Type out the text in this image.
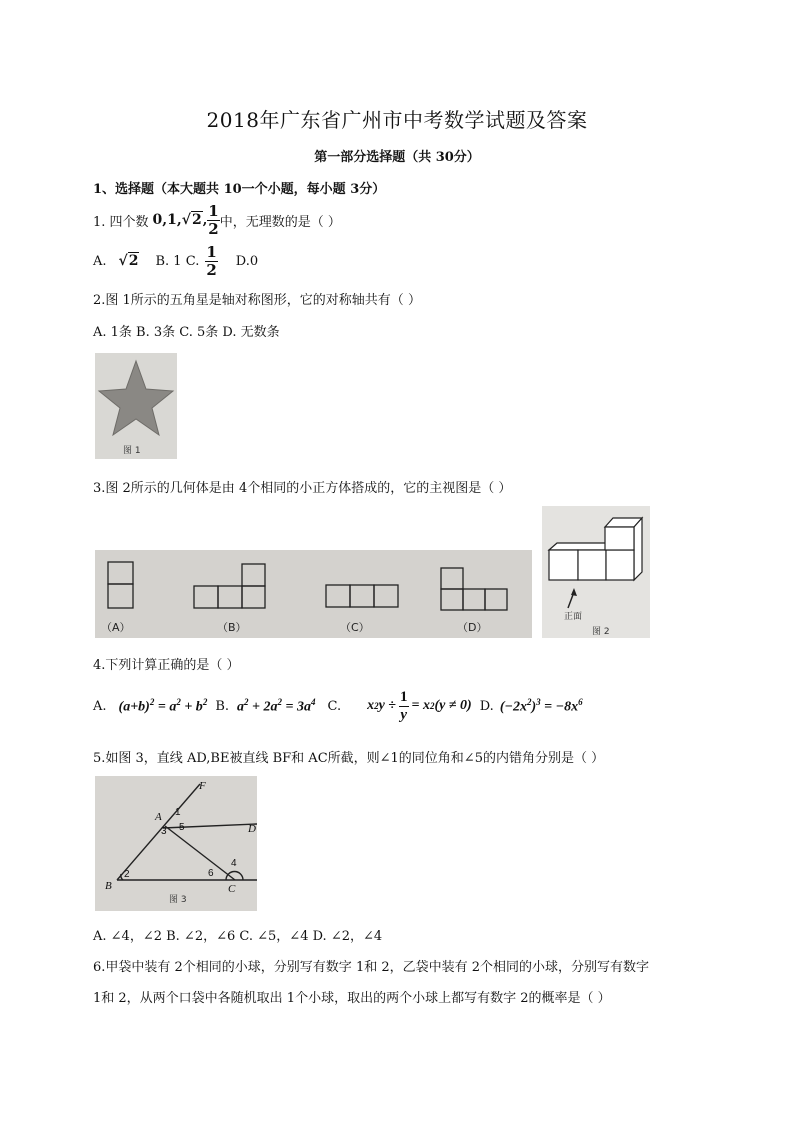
2018年广东省广州市中考数学试题及答案
第一部分选择题（共 30分）
1、选择题（本大题共 10一个小题，每小题 3分）
1. 四个数 0,1, √2 , $\frac{1}{2}$ 中，无理数的是（ ）
A. √2 B. 1 C. $\frac{1}{2} D.0$
2.图 1所示的五角星是轴对称图形，它的对称轴共有（ ）
A. 1条 B. 3条 C. 5条 D. 无数条
图 1
3.图 2所示的几何体是由 4个相同的小正方体搭成的，它的主视图是（ ）
（A）	（B）	（C）	（D）
正面
图 2
4.下列计算正确的是（ ）
A. $(a+b)^2 = a^2 + b^2$ B. $a^2 + 2a^2 = 3a^4$ C. x 2 $y \div \frac{1}{y} = x$ 2 (y ≠ 0) D. $(-2x^2)^3 = -8x^6$
5.如图 3，直线 AD,BE被直线 BF和 AC所截，则∠1的同位角和∠5的内错角分别是（ ）
F
A
D
B	C
1
2
3
4
5
6
图 3
A. ∠4，∠2 B. ∠2，∠6 C. ∠5，∠4 D. ∠2，∠4
6.甲袋中装有 2个相同的小球，分别写有数字 1和 2，乙袋中装有 2个相同的小球，分别写有数字
1和 2，从两个口袋中各随机取出 1个小球，取出的两个小球上都写有数字 2的概率是（ ）
